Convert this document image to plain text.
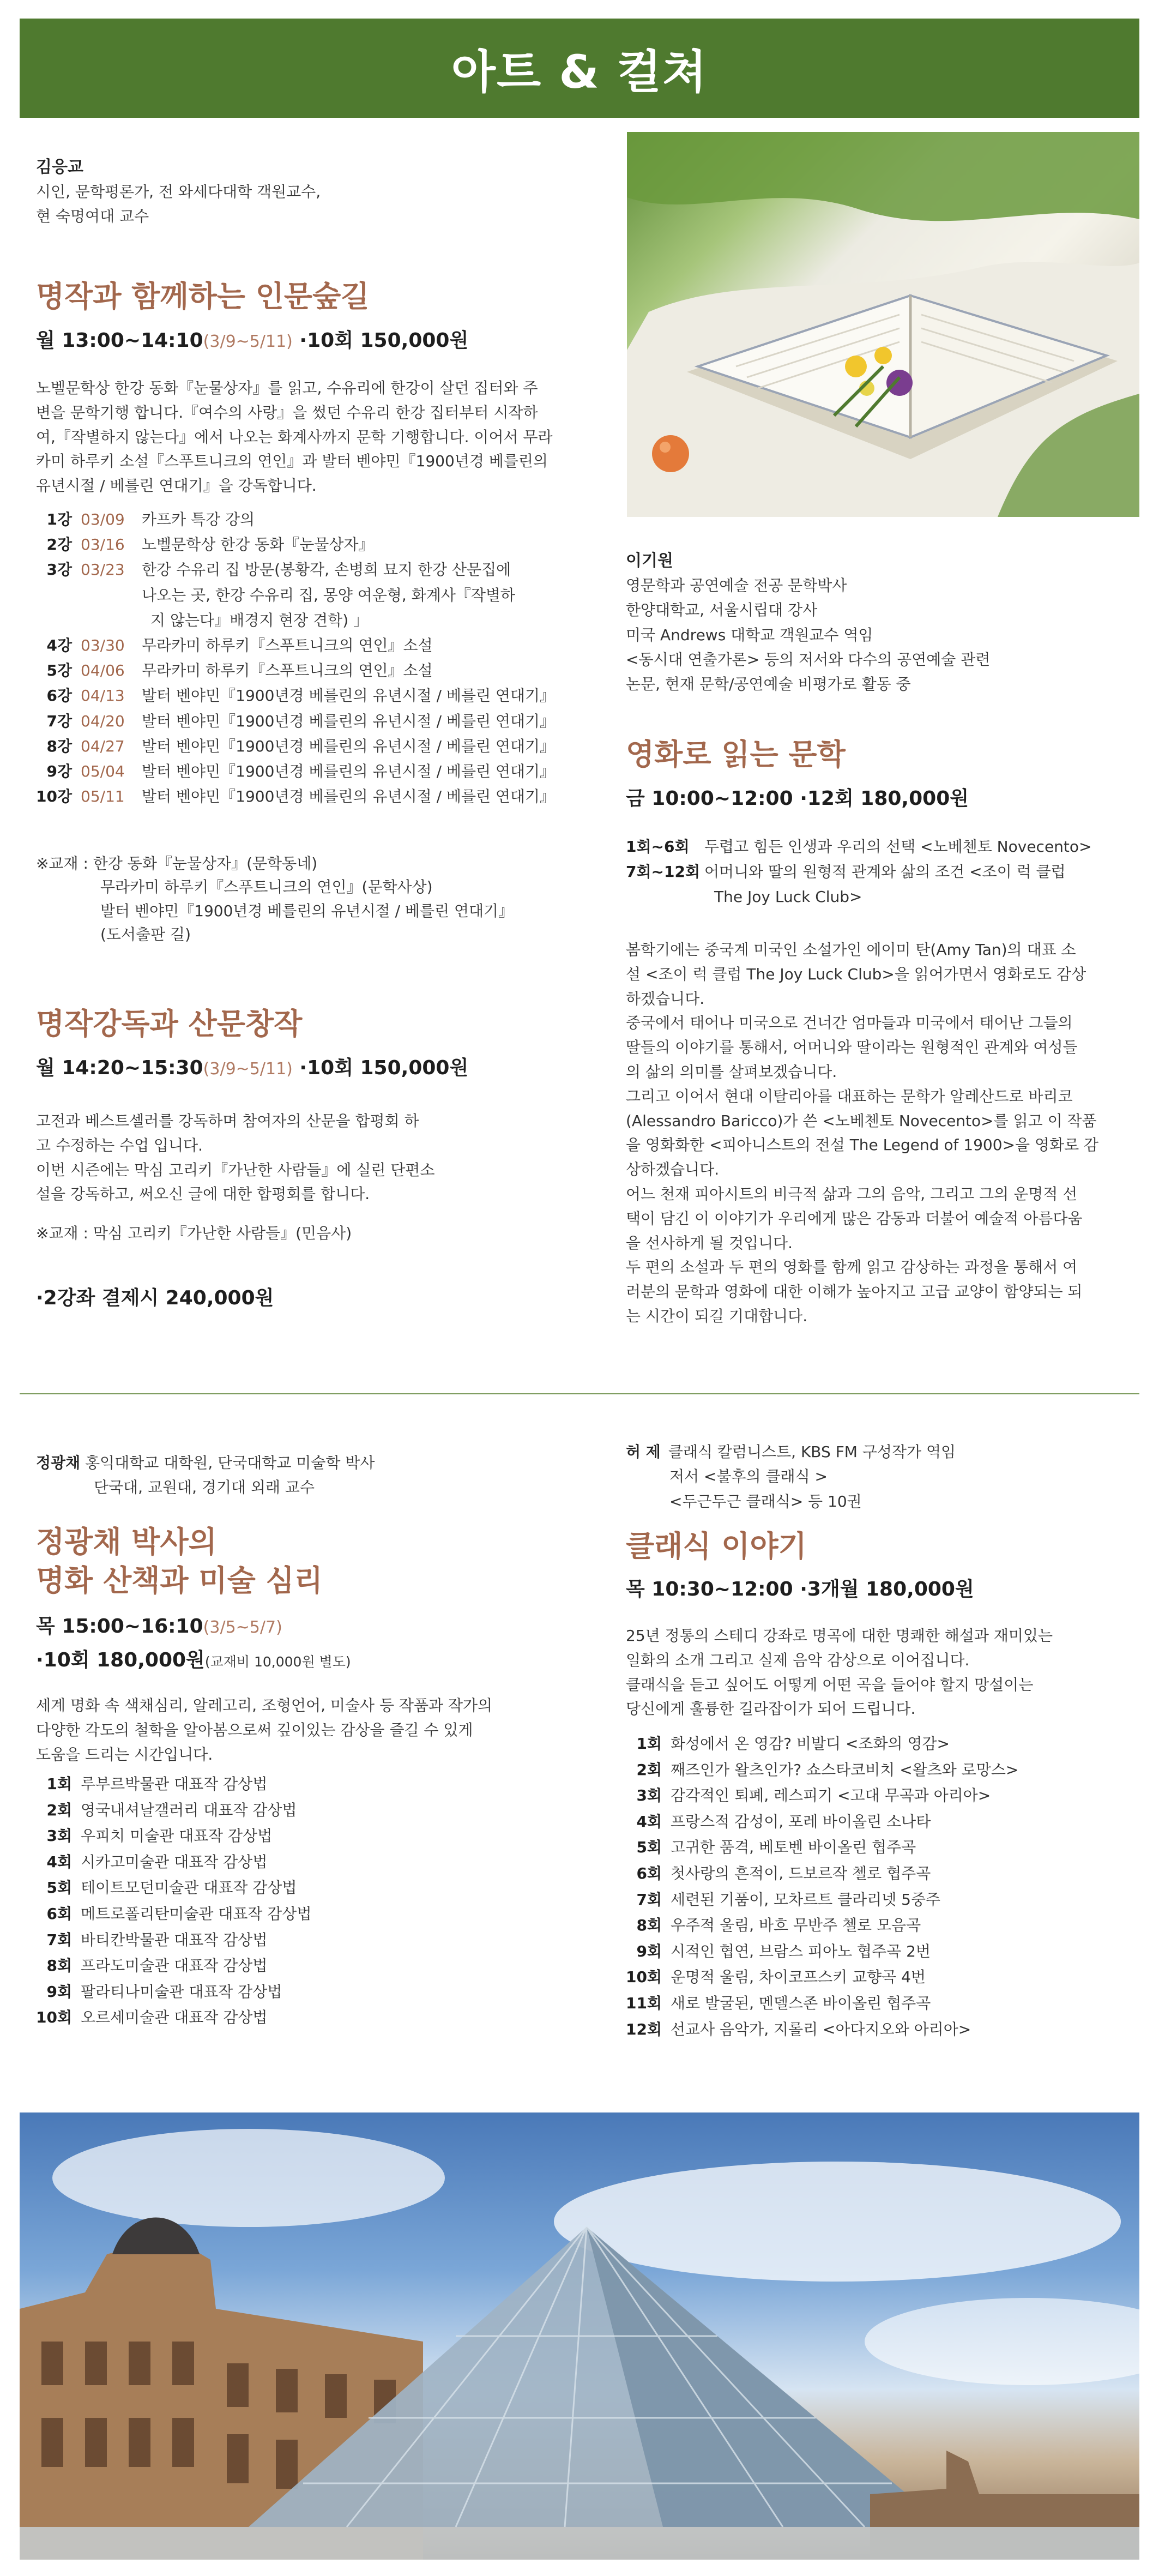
아트 & 컬쳐
김응교
시인, 문학평론가, 전 와세다대학 객원교수,
현 숙명여대 교수
명작과 함께하는 인문숲길
월 13:00~14:10(3/9~5/11) ·10회 150,000원
노벨문학상 한강 동화『눈물상자』를 읽고, 수유리에 한강이 살던 집터와 주
변을 문학기행 합니다.『여수의 사랑』을 썼던 수유리 한강 집터부터 시작하
여,『작별하지 않는다』에서 나오는 화계사까지 문학 기행합니다. 이어서 무라
카미 하루키 소설『스푸트니크의 연인』과 발터 벤야민『1900년경 베를린의
유년시절 / 베를린 연대기』을 강독합니다.
1강 03/09	카프카 특강 강의
2강 03/16	노벨문학상 한강 동화『눈물상자』
3강 03/23	한강 수유리 집 방문(봉황각, 손병희 묘지 한강 산문집에
나오는 곳, 한강 수유리 집, 몽양 여운형, 화계사『작별하
지 않는다』배경지 현장 견학) 」
4강 03/30	무라카미 하루키『스푸트니크의 연인』소설
5강 04/06	무라카미 하루키『스푸트니크의 연인』소설
6강 04/13	발터 벤야민『1900년경 베를린의 유년시절 / 베를린 연대기』
7강 04/20	발터 벤야민『1900년경 베를린의 유년시절 / 베를린 연대기』
8강 04/27	발터 벤야민『1900년경 베를린의 유년시절 / 베를린 연대기』
9강 05/04	발터 벤야민『1900년경 베를린의 유년시절 / 베를린 연대기』
10강 05/11	발터 벤야민『1900년경 베를린의 유년시절 / 베를린 연대기』
※교재 : 한강 동화『눈물상자』(문학동네)
무라카미 하루키『스푸트니크의 연인』(문학사상)
발터 벤야민『1900년경 베를린의 유년시절 / 베를린 연대기』
(도서출판 길)
명작강독과 산문창작
월 14:20~15:30(3/9~5/11) ·10회 150,000원
고전과 베스트셀러를 강독하며 참여자의 산문을 합평회 하
고 수정하는 수업 입니다.
이번 시즌에는 막심 고리키『가난한 사람들』에 실린 단편소
설을 강독하고, 써오신 글에 대한 합평회를 합니다.
※교재 : 막심 고리키『가난한 사람들』(민음사)
·2강좌 결제시 240,000원
이기원
영문학과 공연예술 전공 문학박사
한양대학교, 서울시립대 강사
미국 Andrews 대학교 객원교수 역임
<동시대 연출가론> 등의 저서와 다수의 공연예술 관련
논문, 현재 문학/공연예술 비평가로 활동 중
영화로 읽는 문학
금 10:00~12:00 ·12회 180,000원
1회~6회 두렵고 힘든 인생과 우리의 선택 <노베첸토 Novecento>
7회~12회 어머니와 딸의 원형적 관계와 삶의 조건 <조이 럭 클럽
The Joy Luck Club>
봄학기에는 중국계 미국인 소설가인 에이미 탄(Amy Tan)의 대표 소
설 <조이 럭 클럽 The Joy Luck Club>을 읽어가면서 영화로도 감상
하겠습니다.
중국에서 태어나 미국으로 건너간 엄마들과 미국에서 태어난 그들의
딸들의 이야기를 통해서, 어머니와 딸이라는 원형적인 관계와 여성들
의 삶의 의미를 살펴보겠습니다.
그리고 이어서 현대 이탈리아를 대표하는 문학가 알레산드로 바리코
(Alessandro Baricco)가 쓴 <노베첸토 Novecento>를 읽고 이 작품
을 영화화한 <피아니스트의 전설 The Legend of 1900>을 영화로 감
상하겠습니다.
어느 천재 피아시트의 비극적 삶과 그의 음악, 그리고 그의 운명적 선
택이 담긴 이 이야기가 우리에게 많은 감동과 더불어 예술적 아름다움
을 선사하게 될 것입니다.
두 편의 소설과 두 편의 영화를 함께 읽고 감상하는 과정을 통해서 여
러분의 문학과 영화에 대한 이해가 높아지고 고급 교양이 함양되는 되
는 시간이 되길 기대합니다.
정광채 홍익대학교 대학원, 단국대학교 미술학 박사
단국대, 교원대, 경기대 외래 교수
정광채 박사의
명화 산책과 미술 심리
목 15:00~16:10(3/5~5/7)
·10회 180,000원(교재비 10,000원 별도)
세계 명화 속 색채심리, 알레고리, 조형언어, 미술사 등 작품과 작가의
다양한 각도의 철학을 알아봄으로써 깊이있는 감상을 즐길 수 있게
도움을 드리는 시간입니다.
1회 루부르박물관 대표작 감상법
2회 영국내셔날갤러리 대표작 감상법
3회 우피치 미술관 대표작 감상법
4회 시카고미술관 대표작 감상법
5회 테이트모던미술관 대표작 감상법
6회 메트로폴리탄미술관 대표작 감상법
7회 바티칸박물관 대표작 감상법
8회 프라도미술관 대표작 감상법
9회 팔라티나미술관 대표작 감상법
10회 오르세미술관 대표작 감상법
허 제 클래식 칼럼니스트, KBS FM 구성작가 역임
저서 <불후의 클래식 >
<두근두근 클래식> 등 10권
클래식 이야기
목 10:30~12:00 ·3개월 180,000원
25년 정통의 스테디 강좌로 명곡에 대한 명쾌한 해설과 재미있는
일화의 소개 그리고 실제 음악 감상으로 이어집니다.
클래식을 듣고 싶어도 어떻게 어떤 곡을 들어야 할지 망설이는
당신에게 훌륭한 길라잡이가 되어 드립니다.
1회 화성에서 온 영감? 비발디 <조화의 영감>
2회 째즈인가 왈츠인가? 쇼스타코비치 <왈츠와 로망스>
3회 감각적인 퇴폐, 레스피기 <고대 무곡과 아리아>
4회 프랑스적 감성이, 포레 바이올린 소나타
5회 고귀한 품격, 베토벤 바이올린 협주곡
6회 첫사랑의 흔적이, 드보르작 첼로 협주곡
7회 세련된 기품이, 모차르트 클라리넷 5중주
8회 우주적 울림, 바흐 무반주 첼로 모음곡
9회 시적인 협연, 브람스 피아노 협주곡 2번
10회 운명적 울림, 차이코프스키 교향곡 4번
11회 새로 발굴된, 멘델스존 바이올린 협주곡
12회 선교사 음악가, 지롤리 <아다지오와 아리아>
